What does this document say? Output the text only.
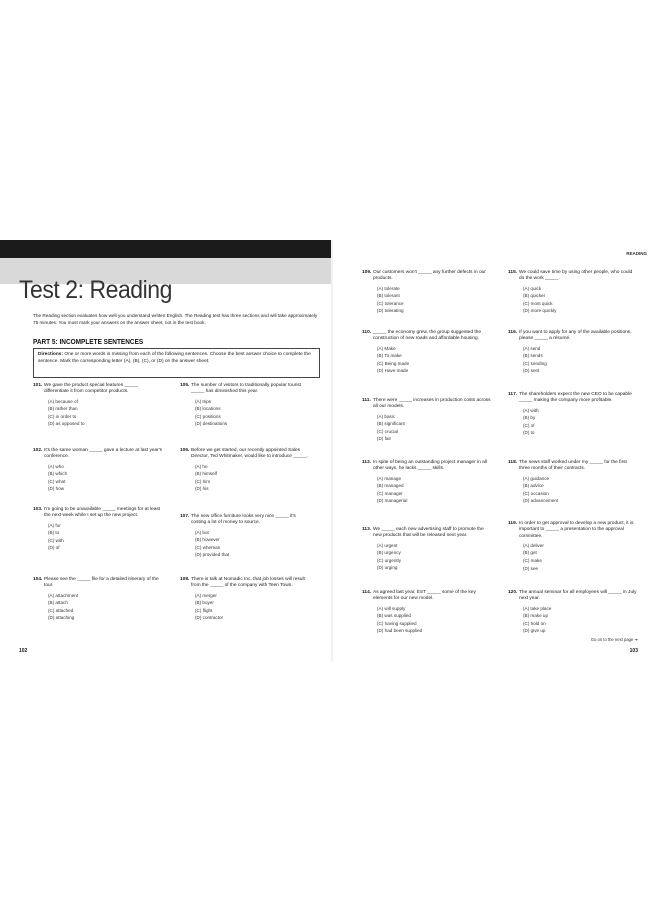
Test 2: Reading
READING
The Reading section evaluates how well you understand written English. The Reading test has three sections and will take approximately 75 minutes. You must mark your answers on the answer sheet, not in the test book.
PART 5: INCOMPLETE SENTENCES
Directions: One or more words is missing from each of the following sentences. Choose the best answer choice to complete the sentence. Mark the corresponding letter (A), (B), (C), or (D) on the answer sheet.
101. We gave the product special features _____ differentiate it from competitor products.
(A) because of
(B) rather than
(C) in order to
(D) as opposed to
102. It's the same woman _____ gave a lecture at last year's conference.
(A) who
(B) which
(C) what
(D) how
103. I'm going to be unavailable _____ meetings for at least the next week while I set up the new project.
(A) for
(B) to
(C) with
(D) of
104. Please see the _____ file for a detailed itinerary of the tour.
(A) attachment
(B) attach
(C) attached
(D) attaching
105. The number of visitors to traditionally popular tourist _____ has diminished this year.
(A) trips
(B) locations
(C) positions
(D) destinations
106. Before we get started, our recently appointed Sales Director, Ted Whitmaker, would like to introduce _____.
(A) he
(B) himself
(C) him
(D) his
107. The new office furniture looks very nice _____ it's costing a lot of money to source.
(A) but
(B) however
(C) whereas
(D) provided that
108. There is talk at Nomadic Inc. that job losses will result from the _____ of the company with Teen Town.
(A) merger
(B) buyer
(C) flight
(D) contractor
109. Our customers won't _____ any further defects in our products.
(A) tolerate
(B) tolerant
(C) tolerance
(D) tolerating
110. _____ the economy grew, the group suggested the construction of new roads and affordable housing.
(A) Make
(B) To make
(C) Being made
(D) Have made
111. There were _____ increases in production costs across all our models.
(A) basic
(B) significant
(C) crucial
(D) fair
112. In spite of being an outstanding project manager in all other ways, he lacks _____ skills.
(A) manage
(B) managed
(C) manager
(D) managerial
113. We _____ each new advertising staff to promote the new products that will be released next year.
(A) urgent
(B) urgency
(C) urgently
(D) urging
114. As agreed last year, EST _____ some of the key elements for our new model.
(A) will supply
(B) was supplied
(C) having supplied
(D) had been supplied
115. We could save time by using other people, who could do the work _____.
(A) quick
(B) quicker
(C) most quick
(D) more quickly
116. If you want to apply for any of the available positions, please _____ a résumé.
(A) send
(B) sends
(C) sending
(D) sent
117. The shareholders expect the new CEO to be capable _____ making the company more profitable.
(A) with
(B) by
(C) of
(D) to
118. The news staff worked under my _____ for the first three months of their contracts.
(A) guidance
(B) advice
(C) occasion
(D) advancement
119. In order to get approval to develop a new product, it is important to _____ a presentation to the approval committee.
(A) deliver
(B) get
(C) make
(D) see
120. The annual seminar for all employees will _____ in July next year.
(A) take place
(B) make up
(C) hold on
(D) give up
Go on to the next page ➔
102	103
